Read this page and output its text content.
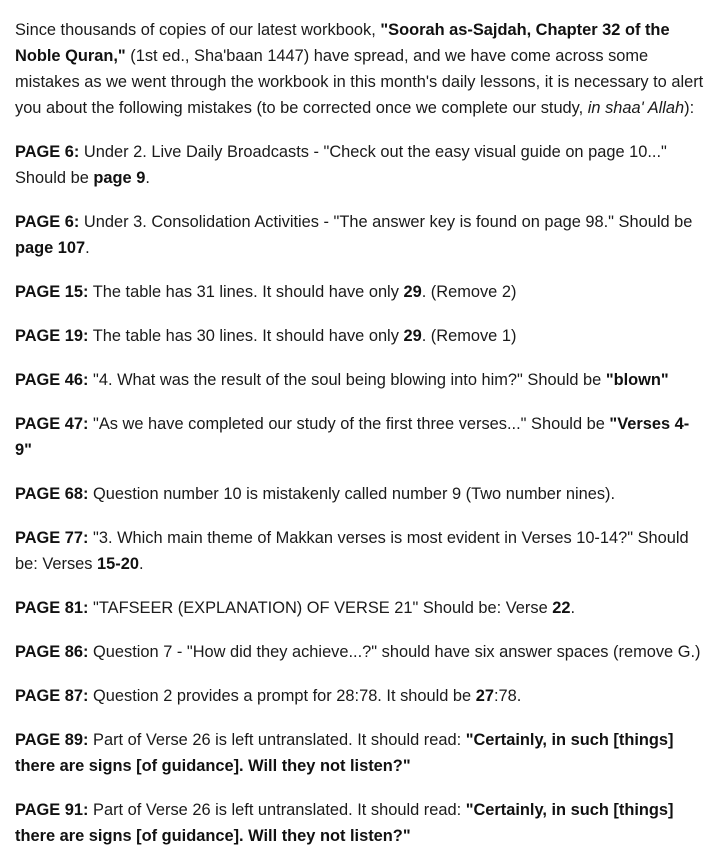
Since thousands of copies of our latest workbook, "Soorah as-Sajdah, Chapter 32 of the Noble Quran," (1st ed., Sha'baan 1447) have spread, and we have come across some mistakes as we went through the workbook in this month's daily lessons, it is necessary to alert you about the following mistakes (to be corrected once we complete our study, in shaa' Allah):

PAGE 6: Under 2. Live Daily Broadcasts - "Check out the easy visual guide on page 10..." Should be page 9.

PAGE 6: Under 3. Consolidation Activities - "The answer key is found on page 98." Should be page 107.

PAGE 15: The table has 31 lines. It should have only 29. (Remove 2)

PAGE 19: The table has 30 lines. It should have only 29. (Remove 1)

PAGE 46: "4. What was the result of the soul being blowing into him?" Should be "blown"

PAGE 47: "As we have completed our study of the first three verses..." Should be "Verses 4-9"

PAGE 68: Question number 10 is mistakenly called number 9 (Two number nines).

PAGE 77: "3. Which main theme of Makkan verses is most evident in Verses 10-14?" Should be: Verses 15-20.

PAGE 81: "TAFSEER (EXPLANATION) OF VERSE 21" Should be: Verse 22.

PAGE 86: Question 7 - "How did they achieve...?" should have six answer spaces (remove G.)

PAGE 87: Question 2 provides a prompt for 28:78. It should be 27:78.

PAGE 89: Part of Verse 26 is left untranslated. It should read: "Certainly, in such [things] there are signs [of guidance]. Will they not listen?"

PAGE 91: Part of Verse 26 is left untranslated. It should read: "Certainly, in such [things] there are signs [of guidance]. Will they not listen?"
